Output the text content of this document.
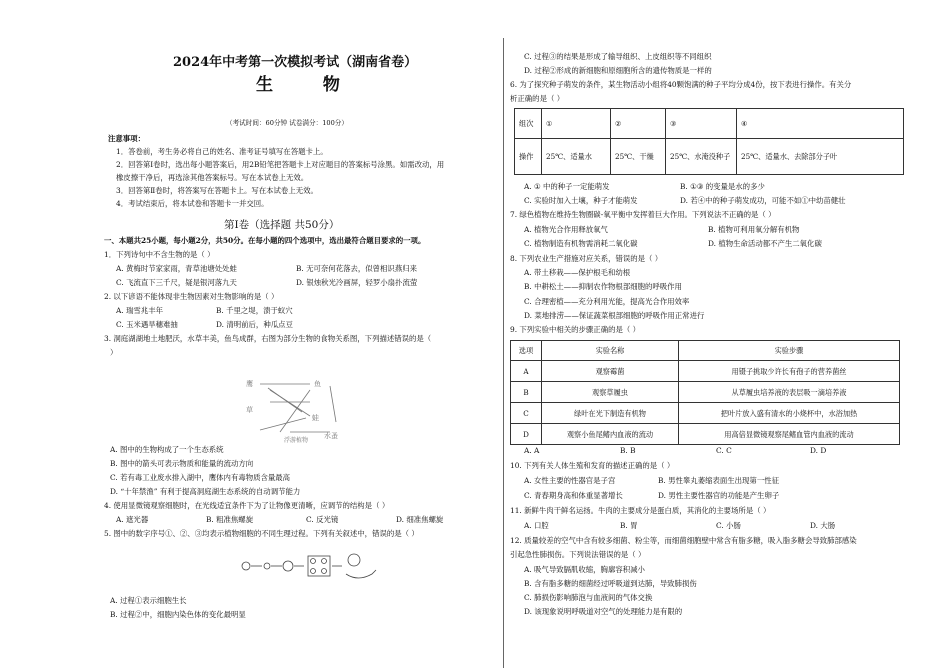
2024年中考第一次模拟考试（湖南省卷）
生 物
（考试时间：60分钟 试卷满分：100分）
注意事项：
1．答卷前，考生务必将自己的姓名、准考证号填写在答题卡上。
2．回答第Ⅰ卷时，选出每小题答案后，用2B铅笔把答题卡上对应题目的答案标号涂黑。如需改动，用
橡皮擦干净后，再选涂其他答案标号。写在本试卷上无效。
3．回答第Ⅱ卷时，将答案写在答题卡上。写在本试卷上无效。
4．考试结束后，将本试卷和答题卡一并交回。
第Ⅰ卷（选择题 共50分）
一、本题共25小题，每小题2分，共50分。在每小题的四个选项中，选出最符合题目要求的一项。
1．下列诗句中不含生物的是（ ）
A. 黄梅时节家家雨，青草池塘处处蛙	B. 无可奈何花落去，似曾相识燕归来
C. 飞流直下三千尺，疑是银河落九天	D. 银烛秋光冷画屏，轻罗小扇扑流萤
2. 以下谚语不能体现非生物因素对生物影响的是（ ）
A. 瑞雪兆丰年	B. 千里之堤，溃于蚁穴
C. 玉米遇旱穗难抽	D. 清明前后，种瓜点豆
3. 洞庭湖湖地土地肥沃，水草丰美，鱼鸟成群，右图为部分生物的食物关系图，下列描述错误的是（
）
鹰
草
鱼
浮游植物
水蚤
蛙
A. 图中的生物构成了一个生态系统
B. 图中的箭头可表示物质和能量的流动方向
C. 若有毒工业废水排入湖中，鹰体内有毒物质含量最高
D. “十年禁渔” 有利于提高洞庭湖生态系统的自动调节能力
4. 使用显微镜观察细胞时，在光线适宜条件下为了让物像更清晰，应调节的结构是（ ）
A. 遮光器	B. 粗准焦螺旋	C. 反光镜	D. 细准焦螺旋
5. 图中的数字序号①、②、③均表示植物细胞的不同生理过程。下列有关叙述中，错误的是（ ）
A. 过程①表示细胞生长
B. 过程②中，细胞内染色体的变化最明显
C. 过程③的结果是形成了输导组织、上皮组织等不同组织
D. 过程②形成的新细胞和原细胞所含的遗传物质是一样的
6. 为了探究种子萌发的条件，某生物活动小组将40颗饱满的种子平均分成4份，按下表进行操作。有关分
析正确的是（ ）
组次	①	②	③	④
操作	25℃、适量水	25℃、干燥	25℃、水淹没种子	25℃、适量水、去除部分子叶
A. ① 中的种子一定能萌发	B. ①③ 的变量是水的多少
C. 实验时加入土壤，种子才能萌发	D. 若④中的种子萌发成功，可能不如①中幼苗健壮
7. 绿色植物在维持生物圈碳-氧平衡中发挥着巨大作用。下列说法不正确的是（ ）
A. 植物光合作用释放氧气	B. 植物可利用氧分解有机物
C. 植物制造有机物需消耗二氧化碳	D. 植物生命活动都不产生二氧化碳
8. 下列农业生产措施对应关系，错误的是（ ）
A. 带土移栽——保护根毛和幼根
B. 中耕松土——抑制农作物根部细胞的呼吸作用
C. 合理密植——充分利用光能，提高光合作用效率
D. 菜地排涝——保证蔬菜根部细胞的呼吸作用正常进行
9. 下列实验中相关的步骤正确的是（ ）
选项	实验名称	实验步骤
A	观察霉菌	用镊子挑取少许长有孢子的营养菌丝
B	观察草履虫	从草履虫培养液的表层吸一滴培养液
C	绿叶在光下制造有机物	把叶片放入盛有清水的小烧杯中，水浴加热
D	观察小鱼尾鳍内血液的流动	用高倍显微镜观察尾鳍血管内血液的流动
A. A	B. B	C. C	D. D
10. 下列有关人体生殖和发育的描述正确的是（ ）
A. 女性主要的性器官是子宫	B. 男性睾丸萎缩表面生出现第一性征
C. 青春期身高和体重显著增长	D. 男性主要性器官的功能是产生卵子
11. 新鲜牛肉干鲜名运扬。牛肉的主要成分是蛋白质，其消化的主要场所是（ ）
A. 口腔	B. 胃	C. 小肠	D. 大肠
12. 质量较差的空气中含有较多细菌、粉尘等，而细菌细胞壁中常含有脂多糖，吸入脂多糖会导致肺部感染
引起急性肺损伤。下列说法错误的是（ ）
A. 吸气导致膈肌收缩，胸廓容积减小
B. 含有脂多糖的细菌经过呼吸道到达肺，导致肺损伤
C. 肺损伤影响肺泡与血液间的气体交换
D. 该现象说明呼吸道对空气的处理能力是有限的
